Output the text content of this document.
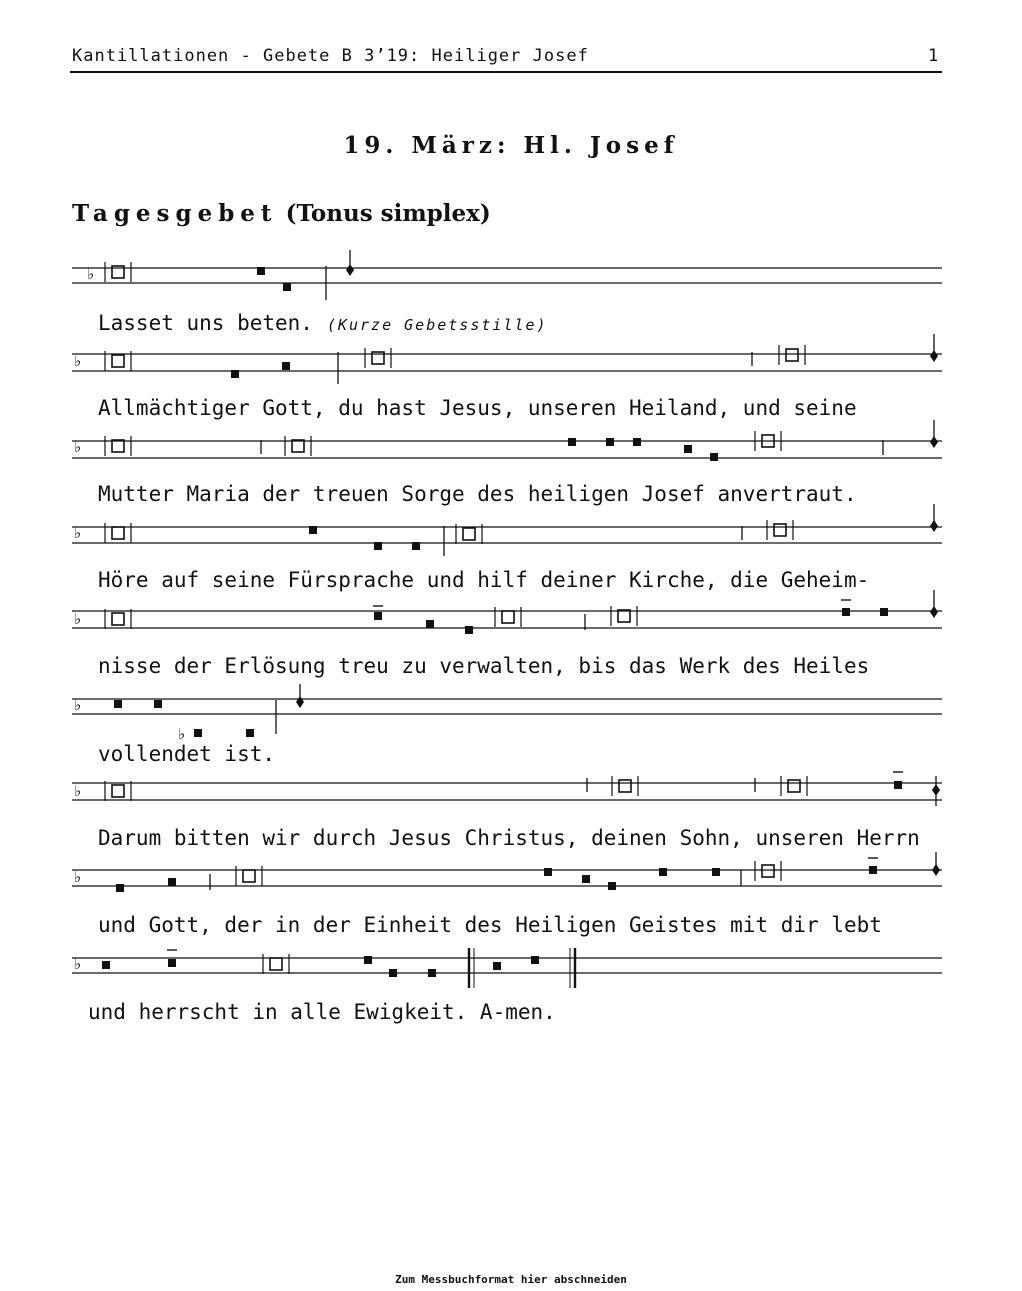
Kantillationen - Gebete B 3’19: Heiliger Josef	1
19. März: Hl. Josef
Tagesgebet (Tonus simplex)
♭
♭
♭
♭
♭
♭
♭
♭
♭
♭
Lasset uns beten. (Kurze Gebetsstille)
Allmächtiger Gott, du hast Jesus, unseren Heiland, und seine
Mutter Maria der treuen Sorge des heiligen Josef anvertraut.
Höre auf seine Fürsprache und hilf deiner Kirche, die Geheim-
nisse der Erlösung treu zu verwalten, bis das Werk des Heiles
vollendet ist.
Darum bitten wir durch Jesus Christus, deinen Sohn, unseren Herrn
und Gott, der in der Einheit des Heiligen Geistes mit dir lebt
und herrscht in alle Ewigkeit. A-men.
Zum Messbuchformat hier abschneiden
